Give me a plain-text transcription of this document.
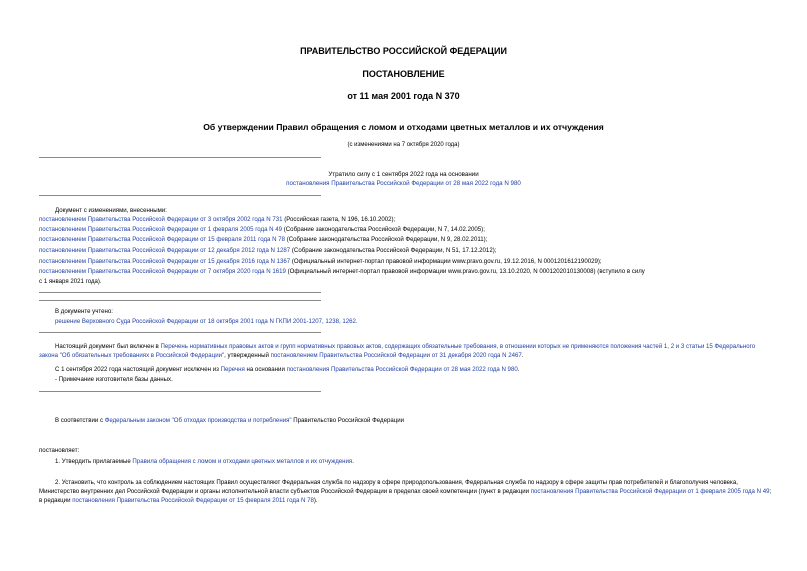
ПРАВИТЕЛЬСТВО РОССИЙСКОЙ ФЕДЕРАЦИИ
ПОСТАНОВЛЕНИЕ
от 11 мая 2001 года N 370
Об утверждении Правил обращения с ломом и отходами цветных металлов и их отчуждения
(с изменениями на 7 октября 2020 года)
Утратило силу с 1 сентября 2022 года на основании
постановления Правительства Российской Федерации от 28 мая 2022 года N 980
Документ с изменениями, внесенными:
постановлением Правительства Российской Федерации от 3 октября 2002 года N 731 (Российская газета, N 196, 16.10.2002);
постановлением Правительства Российской Федерации от 1 февраля 2005 года N 49 (Собрание законодательства Российской Федерации, N 7, 14.02.2005);
постановлением Правительства Российской Федерации от 15 февраля 2011 года N 78 (Собрание законодательства Российской Федерации, N 9, 28.02.2011);
постановлением Правительства Российской Федерации от 12 декабря 2012 года N 1287 (Собрание законодательства Российской Федерации, N 51, 17.12.2012);
постановлением Правительства Российской Федерации от 15 декабря 2016 года N 1367 (Официальный интернет-портал правовой информации www.pravo.gov.ru, 19.12.2016, N 0001201612190029);
постановлением Правительства Российской Федерации от 7 октября 2020 года N 1619 (Официальный интернет-портал правовой информации www.pravo.gov.ru, 13.10.2020, N 0001202010130008) (вступило в силу
с 1 января 2021 года).
В документе учтено:
решение Верховного Суда Российской Федерации от 18 октября 2001 года N ГКПИ 2001-1207, 1238, 1262.
Настоящий документ был включен в Перечень нормативных правовых актов и групп нормативных правовых актов, содержащих обязательные требования, в отношении которых не применяются положения частей 1, 2 и 3 статьи 15 Федерального закона "Об обязательных требованиях в Российской Федерации", утвержденный постановлением Правительства Российской Федерации от 31 декабря 2020 года N 2467.
С 1 сентября 2022 года настоящий документ исключен из Перечня на основании постановления Правительства Российской Федерации от 28 мая 2022 года N 980.
- Примечание изготовителя базы данных.
В соответствии с Федеральным законом "Об отходах производства и потребления" Правительство Российской Федерации
постановляет:
1. Утвердить прилагаемые Правила обращения с ломом и отходами цветных металлов и их отчуждения.
2. Установить, что контроль за соблюдением настоящих Правил осуществляют Федеральная служба по надзору в сфере природопользования, Федеральная служба по надзору в сфере защиты прав потребителей и благополучия человека, Министерство внутренних дел Российской Федерации и органы исполнительной власти субъектов Российской Федерации в пределах своей компетенции (пункт в редакции постановления Правительства Российской Федерации от 1 февраля 2005 года N 49; в редакции постановления Правительства Российской Федерации от 15 февраля 2011 года N 78).
